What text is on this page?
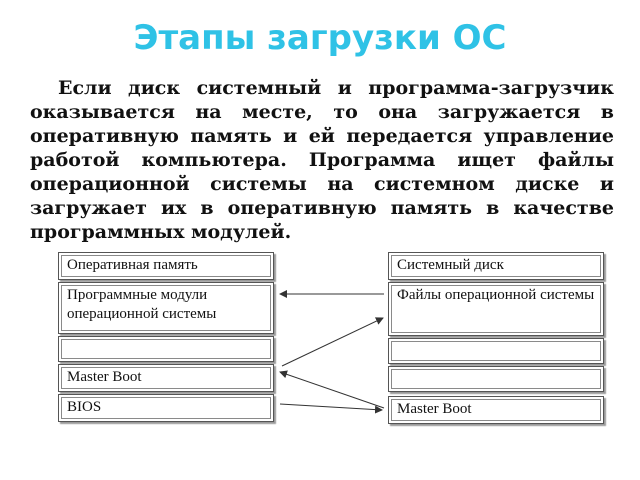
Этапы загрузки ОС
Если диск системный и программа-загрузчик оказывается на месте, то она загружается в оперативную память и ей передается управление работой компьютера. Программа ищет файлы операционной системы на системном диске и загружает их в оперативную память в качестве программных модулей.
Оперативная память
Программные модули операционной системы
Master Boot
BIOS
Системный диск
Файлы операционной системы
Master Boot
